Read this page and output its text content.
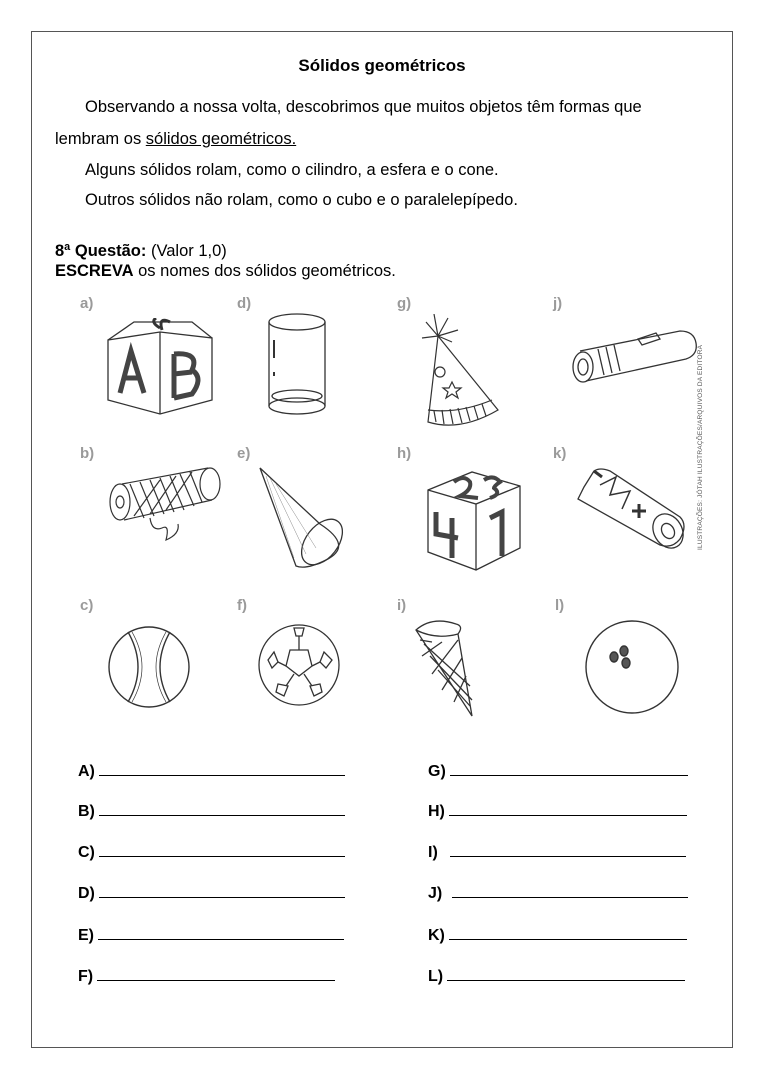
Sólidos geométricos
Observando a nossa volta, descobrimos que muitos objetos têm formas que
lembram os sólidos geométricos.
Alguns sólidos rolam, como o cilindro, a esfera e o cone.
Outros sólidos não rolam, como o cubo e o paralelepípedo.
8ª Questão: (Valor 1,0)
ESCREVA os nomes dos sólidos geométricos.
a)	d)	g)	j)
b)	e)	h)	k)
c)	f)	i)	l)
ILUSTRAÇÕES: JÓTAH ILUSTRAÇÕES/ARQUIVOS DA EDITORA
A)
B)
C)
D)
E)
F)
G)
H)
I)
J)
K)
L)
